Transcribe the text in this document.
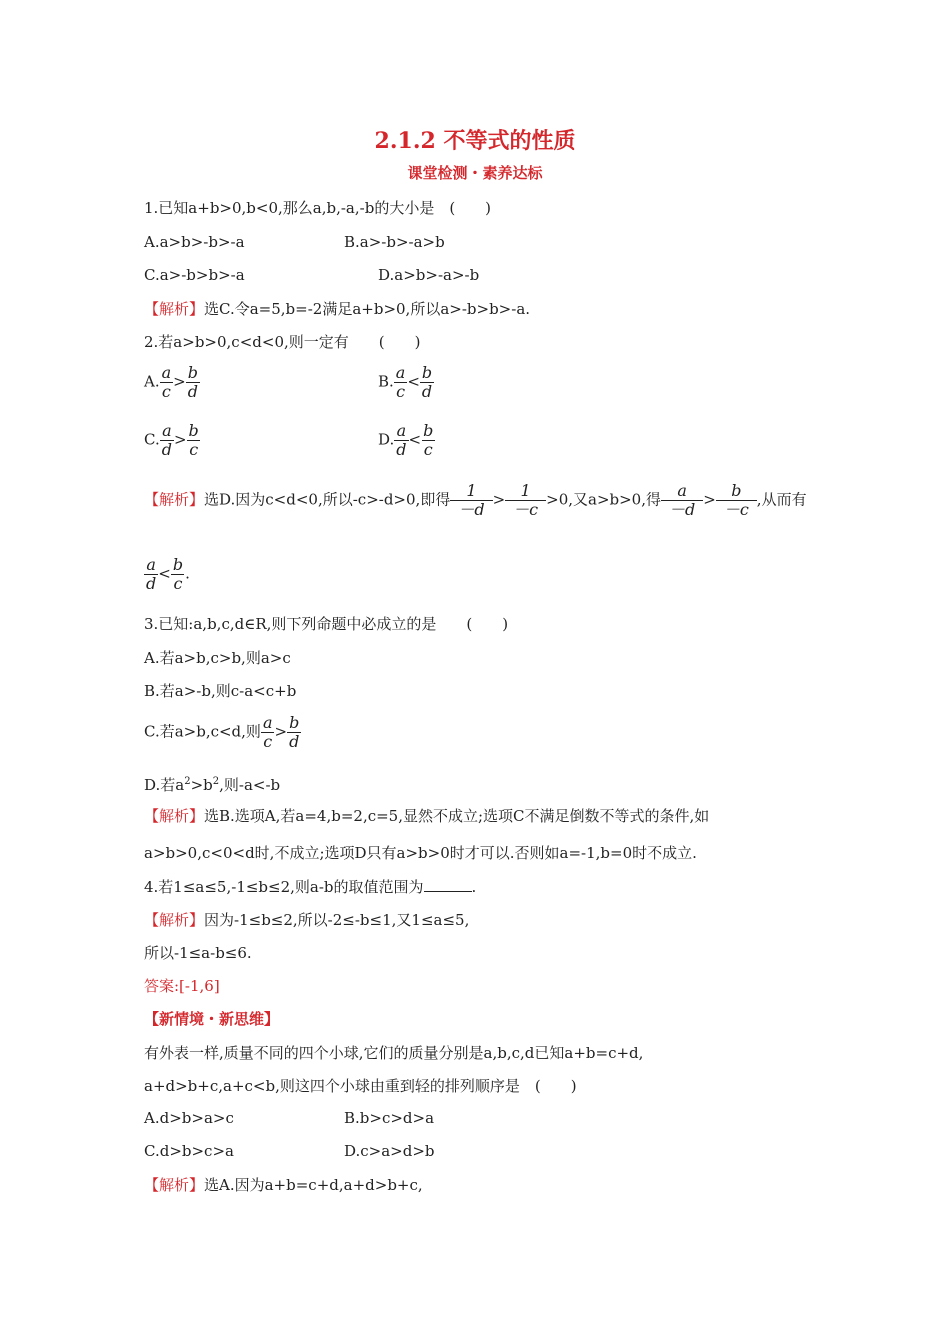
2.1.2 不等式的性质
课堂检测・素养达标
1.已知a+b>0,b<0,那么a,b,-a,-b的大小是　(　　)
A.a>b>-b>-a	B.a>-b>-a>b
C.a>-b>b>-a	D.a>b>-a>-b
【解析】选C.令a=5,b=-2满足a+b>0,所以a>-b>b>-a.
2.若a>b>0,c<d<0,则一定有　　(　　)
A. $\frac{a}{c} > \frac{b}{d}$	B. $\frac{a}{c} < \frac{b}{d}$
C. $\frac{a}{d} > \frac{b}{c}$	D. $\frac{a}{d} < \frac{b}{c}$
【解析】选D.因为c<d<0,所以-c>-d>0,即得 $\frac{1}{-d} > \frac{1}{-c} >0$,又a>b>0,得 $\frac{a}{-d} > \frac{b}{-c}$ ,从而有
$\frac{a}{d} < \frac{b}{c}$ .
3.已知:a,b,c,d∈R,则下列命题中必成立的是　　(　　)
A.若a>b,c>b,则a>c
B.若a>-b,则c-a<c+b
C.若a>b,c<d,则 $\frac{a}{c} > \frac{b}{d}$
D.若$a^2>b^2$,则-a<-b
【解析】选B.选项A,若a=4,b=2,c=5,显然不成立;选项C不满足倒数不等式的条件,如
a>b>0,c<0<d时,不成立;选项D只有a>b>0时才可以.否则如a=-1,b=0时不成立.
4.若1≤a≤5,-1≤b≤2,则a-b的取值范围为	.
【解析】因为-1≤b≤2,所以-2≤-b≤1,又1≤a≤5,
所以-1≤a-b≤6.
答案:[-1,6]
【新情境・新思维】
有外表一样,质量不同的四个小球,它们的质量分别是a,b,c,d已知a+b=c+d,
a+d>b+c,a+c<b,则这四个小球由重到轻的排列顺序是　(　　)
A.d>b>a>c	B.b>c>d>a
C.d>b>c>a	D.c>a>d>b
【解析】选A.因为a+b=c+d,a+d>b+c,
